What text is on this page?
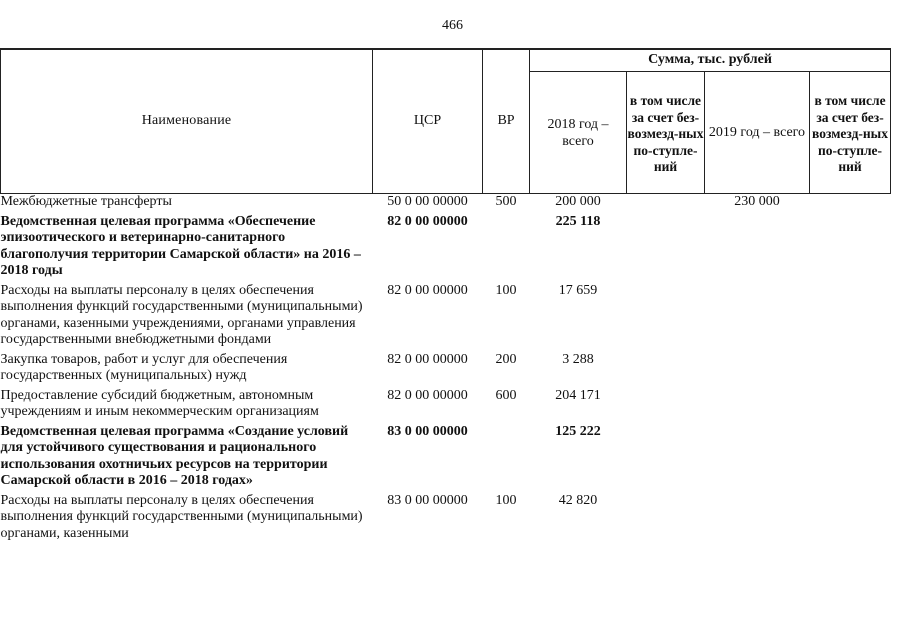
466
Наименование	ЦСР	ВР	Сумма, тыс. рублей			
			2018 год – всего	в том числе за счет без-возмезд-ных по-ступле-ний	2019 год – всего	в том числе за счет без-возмезд-ных по-ступле-ний
Межбюджетные трансферты	50 0 00 00000	500	200 000		230 000	
Ведомственная целевая программа «Обеспечение эпизоотического и ветеринарно-санитарного благополучия территории Самарской области» на 2016 –2018 годы	82 0 00 00000		225 118			
Расходы на выплаты персоналу в целях обеспечения выполнения функций государственными (муниципальными) органами, казенными учреждениями, органами управления государственными внебюджетными фондами	82 0 00 00000	100	17 659			
Закупка товаров, работ и услуг для обеспечения государственных (муниципальных) нужд	82 0 00 00000	200	3 288			
Предоставление субсидий бюджетным, автономным учреждениям и иным некоммерческим организациям	82 0 00 00000	600	204 171			
Ведомственная целевая программа «Создание условий для устойчивого существования и рационального использования охотничьих ресурсов на территории Самарской области в 2016 – 2018 годах»	83 0 00 00000		125 222			
Расходы на выплаты персоналу в целях обеспечения выполнения функций государственными (муниципальными) органами, казенными	83 0 00 00000	100	42 820			
